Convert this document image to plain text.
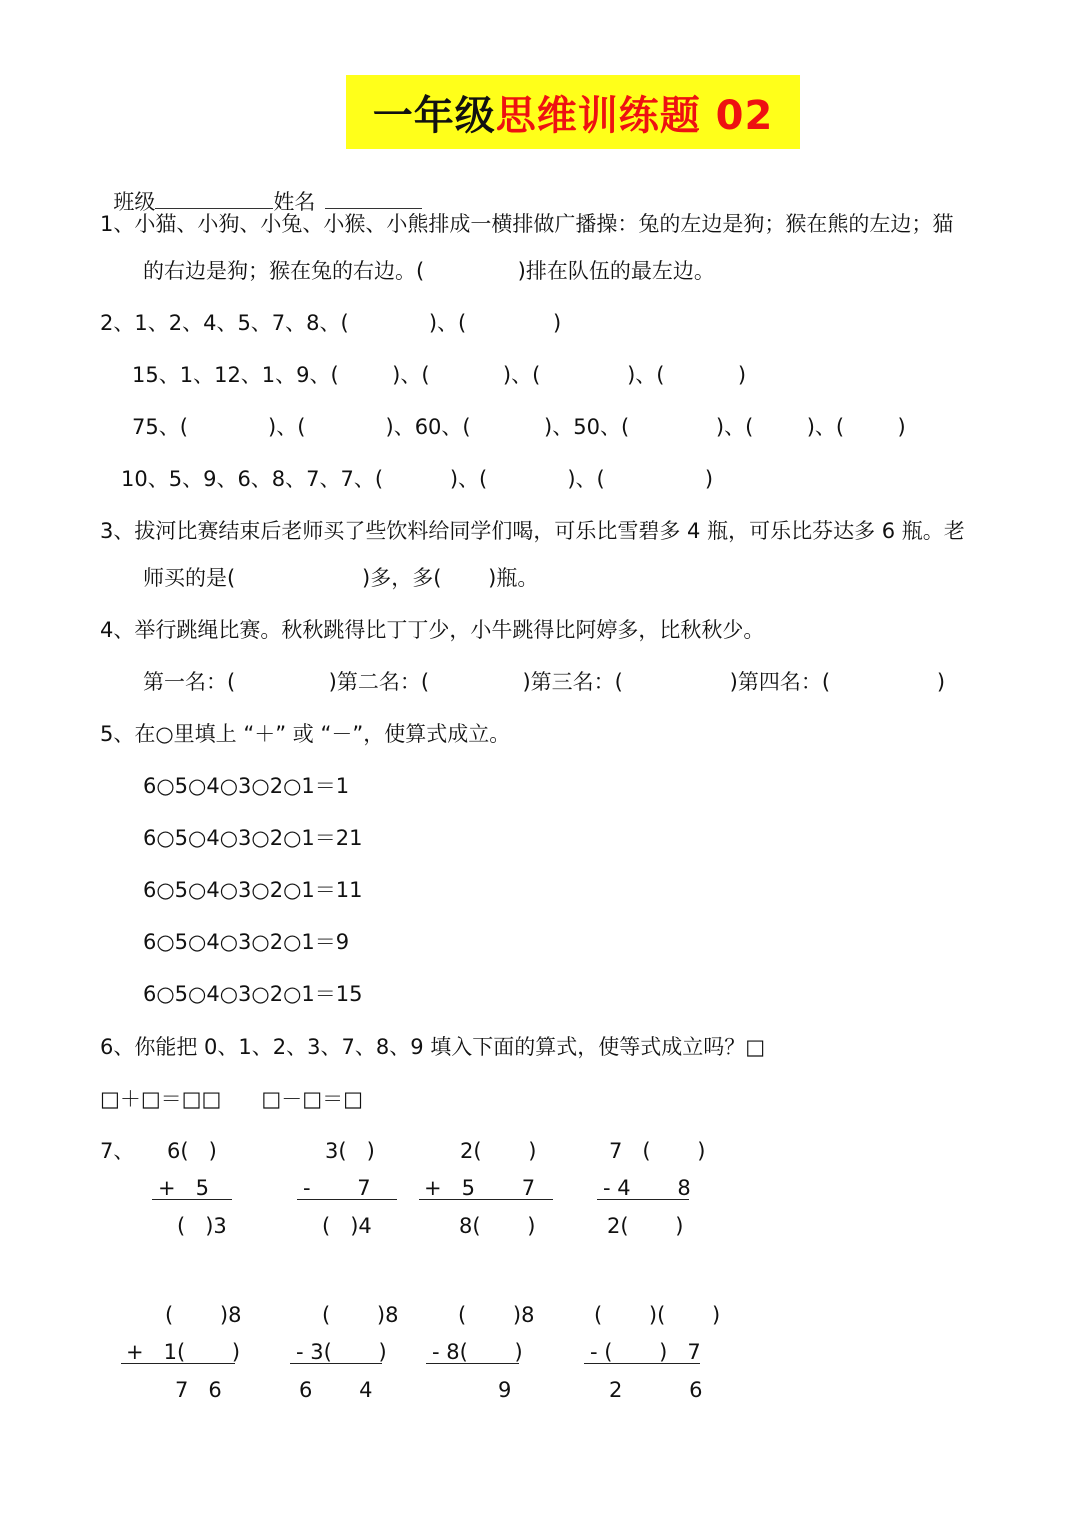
一年级 思维训练题 02

班级	姓名

1、小猫、小狗、小兔、小猴、小熊排成一横排做广播操：兔的左边是狗；猴在熊的左边；猫
的右边是狗；猴在兔的右边。(              )排在队伍的最左边。
2、1、2、4、5、7、8、(            )、(             )
15、1、12、1、9、(        )、(           )、(             )、(           )
75、(            )、(            )、60、(           )、50、(             )、(        )、(        )
10、5、9、6、8、7、7、(          )、(            )、(               )
3、拔河比赛结束后老师买了些饮料给同学们喝，可乐比雪碧多 4 瓶，可乐比芬达多 6 瓶。老
师买的是(                   )多，多(       )瓶。
4、举行跳绳比赛。秋秋跳得比丁丁少，小牛跳得比阿婷多，比秋秋少。
第一名：(              )第二名：(              )第三名：(                )第四名：(                )
5、在○里填上 “＋” 或 “－”，使算式成立。
6○5○4○3○2○1＝1
6○5○4○3○2○1＝21
6○5○4○3○2○1＝11
6○5○4○3○2○1＝9
6○5○4○3○2○1＝15
6、你能把 0、1、2、3、7、8、9 填入下面的算式，使等式成立吗？□
□＋□＝□□      □－□＝□
7、 6(   )
+   5
(   )3
3(   )
-       7
(   )4
2(       )
+   5       7
8(       )
7   (       )
- 4       8
2(       )
(       )8
+   1(       )
7   6
(       )8
- 3(       )
6       4
(       )8
- 8(       )
9
(       )(       )
- (       )   7
2          6
